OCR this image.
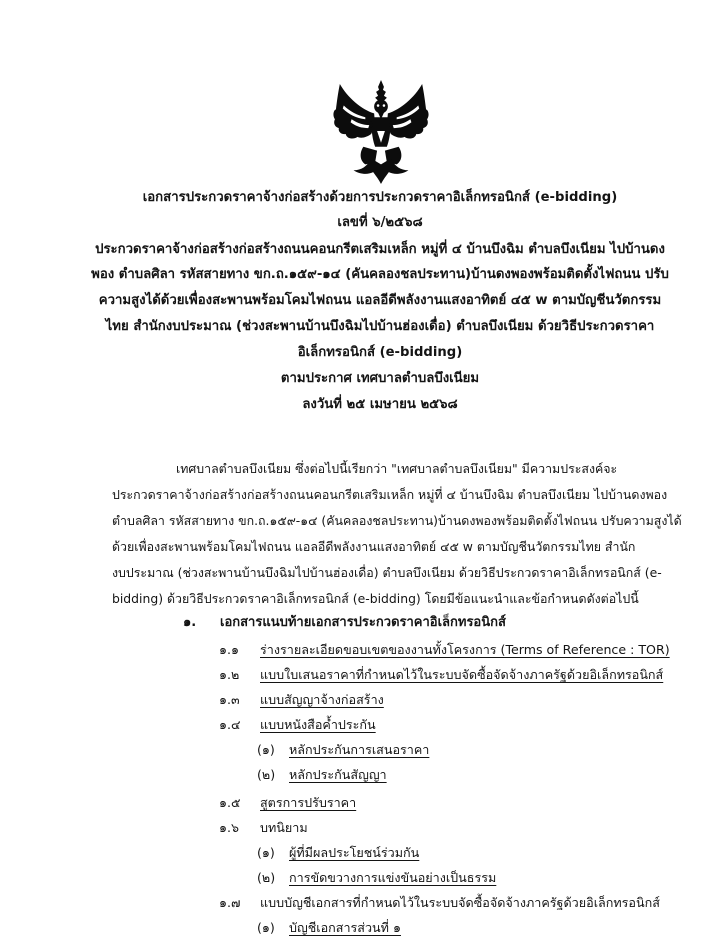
เอกสารประกวดราคาจ้างก่อสร้างด้วยการประกวดราคาอิเล็กทรอนิกส์ (e-bidding)
เลขที่ ๖/๒๕๖๘
ประกวดราคาจ้างก่อสร้างก่อสร้างถนนคอนกรีตเสริมเหล็ก หมู่ที่ ๔ บ้านบึงฉิม ตำบลบึงเนียม ไปบ้านดง
พอง ตำบลศิลา รหัสสายทาง ขก.ถ.๑๕๙-๑๔ (คันคลองชลประทาน)บ้านดงพองพร้อมติดตั้งไฟถนน ปรับ
ความสูงได้ด้วยเพื่องสะพานพร้อมโคมไฟถนน แอลอีดีพลังงานแสงอาทิตย์ ๔๕ w ตามบัญชีนวัตกรรม
ไทย สำนักงบประมาณ (ช่วงสะพานบ้านบึงฉิมไปบ้านฮ่องเดื่อ) ตำบลบึงเนียม ด้วยวิธีประกวดราคา
อิเล็กทรอนิกส์ (e-bidding)
ตามประกาศ เทศบาลตำบลบึงเนียม
ลงวันที่ ๒๕ เมษายน ๒๕๖๘
เทศบาลตำบลบึงเนียม ซึ่งต่อไปนี้เรียกว่า "เทศบาลตำบลบึงเนียม" มีความประสงค์จะ
ประกวดราคาจ้างก่อสร้างก่อสร้างถนนคอนกรีตเสริมเหล็ก หมู่ที่ ๔ บ้านบึงฉิม ตำบลบึงเนียม ไปบ้านดงพอง
ตำบลศิลา รหัสสายทาง ขก.ถ.๑๕๙-๑๔ (คันคลองชลประทาน)บ้านดงพองพร้อมติดตั้งไฟถนน ปรับความสูงได้
ด้วยเพื่องสะพานพร้อมโคมไฟถนน แอลอีดีพลังงานแสงอาทิตย์ ๔๕ w ตามบัญชีนวัตกรรมไทย สำนัก
งบประมาณ (ช่วงสะพานบ้านบึงฉิมไปบ้านฮ่องเดื่อ) ตำบลบึงเนียม ด้วยวิธีประกวดราคาอิเล็กทรอนิกส์ (e-
bidding) ด้วยวิธีประกวดราคาอิเล็กทรอนิกส์ (e-bidding) โดยมีข้อแนะนำและข้อกำหนดดังต่อไปนี้
๑. เอกสารแนบท้ายเอกสารประกวดราคาอิเล็กทรอนิกส์
๑.๑ ร่างรายละเอียดขอบเขตของงานทั้งโครงการ (Terms of Reference : TOR)
๑.๒ แบบใบเสนอราคาที่กำหนดไว้ในระบบจัดซื้อจัดจ้างภาครัฐด้วยอิเล็กทรอนิกส์
๑.๓ แบบสัญญาจ้างก่อสร้าง
๑.๔ แบบหนังสือค้ำประกัน
(๑) หลักประกันการเสนอราคา
(๒) หลักประกันสัญญา
๑.๕ สูตรการปรับราคา
๑.๖ บทนิยาม
(๑) ผู้ที่มีผลประโยชน์ร่วมกัน
(๒) การขัดขวางการแข่งขันอย่างเป็นธรรม
๑.๗ แบบบัญชีเอกสารที่กำหนดไว้ในระบบจัดซื้อจัดจ้างภาครัฐด้วยอิเล็กทรอนิกส์
(๑) บัญชีเอกสารส่วนที่ ๑
